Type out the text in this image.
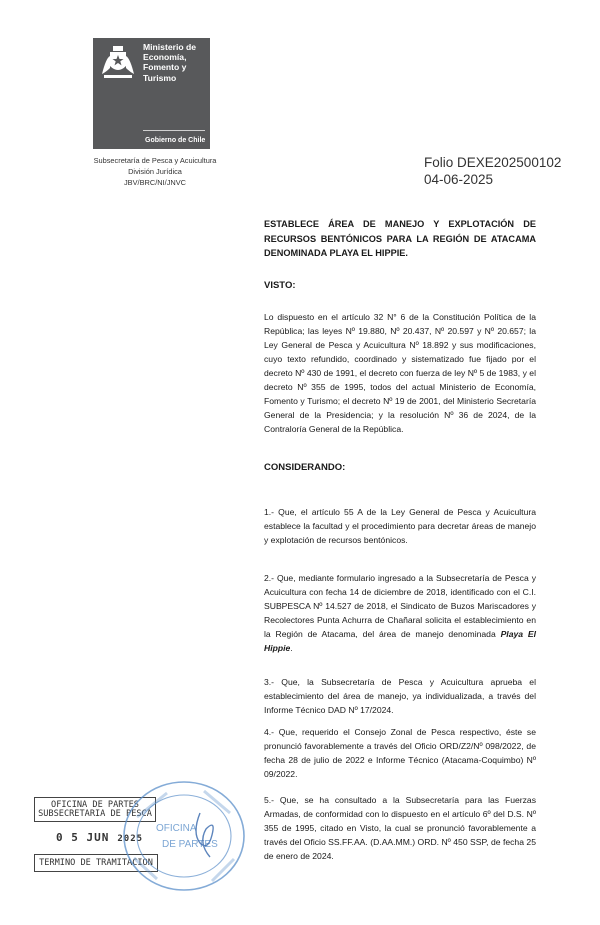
Ministerio de
Economía,
Fomento y
Turismo
Gobierno de Chile
Subsecretaría de Pesca y Acuicultura
División Jurídica
JBV/BRC/NI/JNVC
Folio DEXE202500102
04-06-2025
ESTABLECE ÁREA DE MANEJO Y EXPLOTACIÓN DE RECURSOS BENTÓNICOS PARA LA REGIÓN DE ATACAMA DENOMINADA PLAYA EL HIPPIE.
VISTO:
Lo dispuesto en el artículo 32 N° 6 de la Constitución Política de la República; las leyes Nº 19.880, Nº 20.437, Nº 20.597 y Nº 20.657; la Ley General de Pesca y Acuicultura Nº 18.892 y sus modificaciones, cuyo texto refundido, coordinado y sistematizado fue fijado por el decreto Nº 430 de 1991, el decreto con fuerza de ley Nº 5 de 1983, y el decreto Nº 355 de 1995, todos del actual Ministerio de Economía, Fomento y Turismo; el decreto Nº 19 de 2001, del Ministerio Secretaría General de la Presidencia; y la resolución Nº 36 de 2024, de la Contraloría General de la República.
CONSIDERANDO:
1.- Que, el artículo 55 A de la Ley General de Pesca y Acuicultura establece la facultad y el procedimiento para decretar áreas de manejo y explotación de recursos bentónicos.
2.- Que, mediante formulario ingresado a la Subsecretaría de Pesca y Acuicultura con fecha 14 de diciembre de 2018, identificado con el C.I. SUBPESCA Nº 14.527 de 2018, el Sindicato de Buzos Mariscadores y Recolectores Punta Achurra de Chañaral solicita el establecimiento en la Región de Atacama, del área de manejo denominada Playa El Hippie.
3.- Que, la Subsecretaría de Pesca y Acuicultura aprueba el establecimiento del área de manejo, ya individualizada, a través del Informe Técnico DAD Nº 17/2024.
4.- Que, requerido el Consejo Zonal de Pesca respectivo, éste se pronunció favorablemente a través del Oficio ORD/Z2/Nº 098/2022, de fecha 28 de julio de 2022 e Informe Técnico (Atacama-Coquimbo) Nº 09/2022.
5.- Que, se ha consultado a la Subsecretaría para las Fuerzas Armadas, de conformidad con lo dispuesto en el artículo 6º del D.S. Nº 355 de 1995, citado en Visto, la cual se pronunció favorablemente a través del Oficio SS.FF.AA. (D.AA.MM.) ORD. Nº 450 SSP, de fecha 25 de enero de 2024.
OFICINA DE PARTES
SUBSECRETARIA DE PESCA
0 5 JUN 2025
TERMINO DE TRAMITACION
OFICINA
DE PARTES
